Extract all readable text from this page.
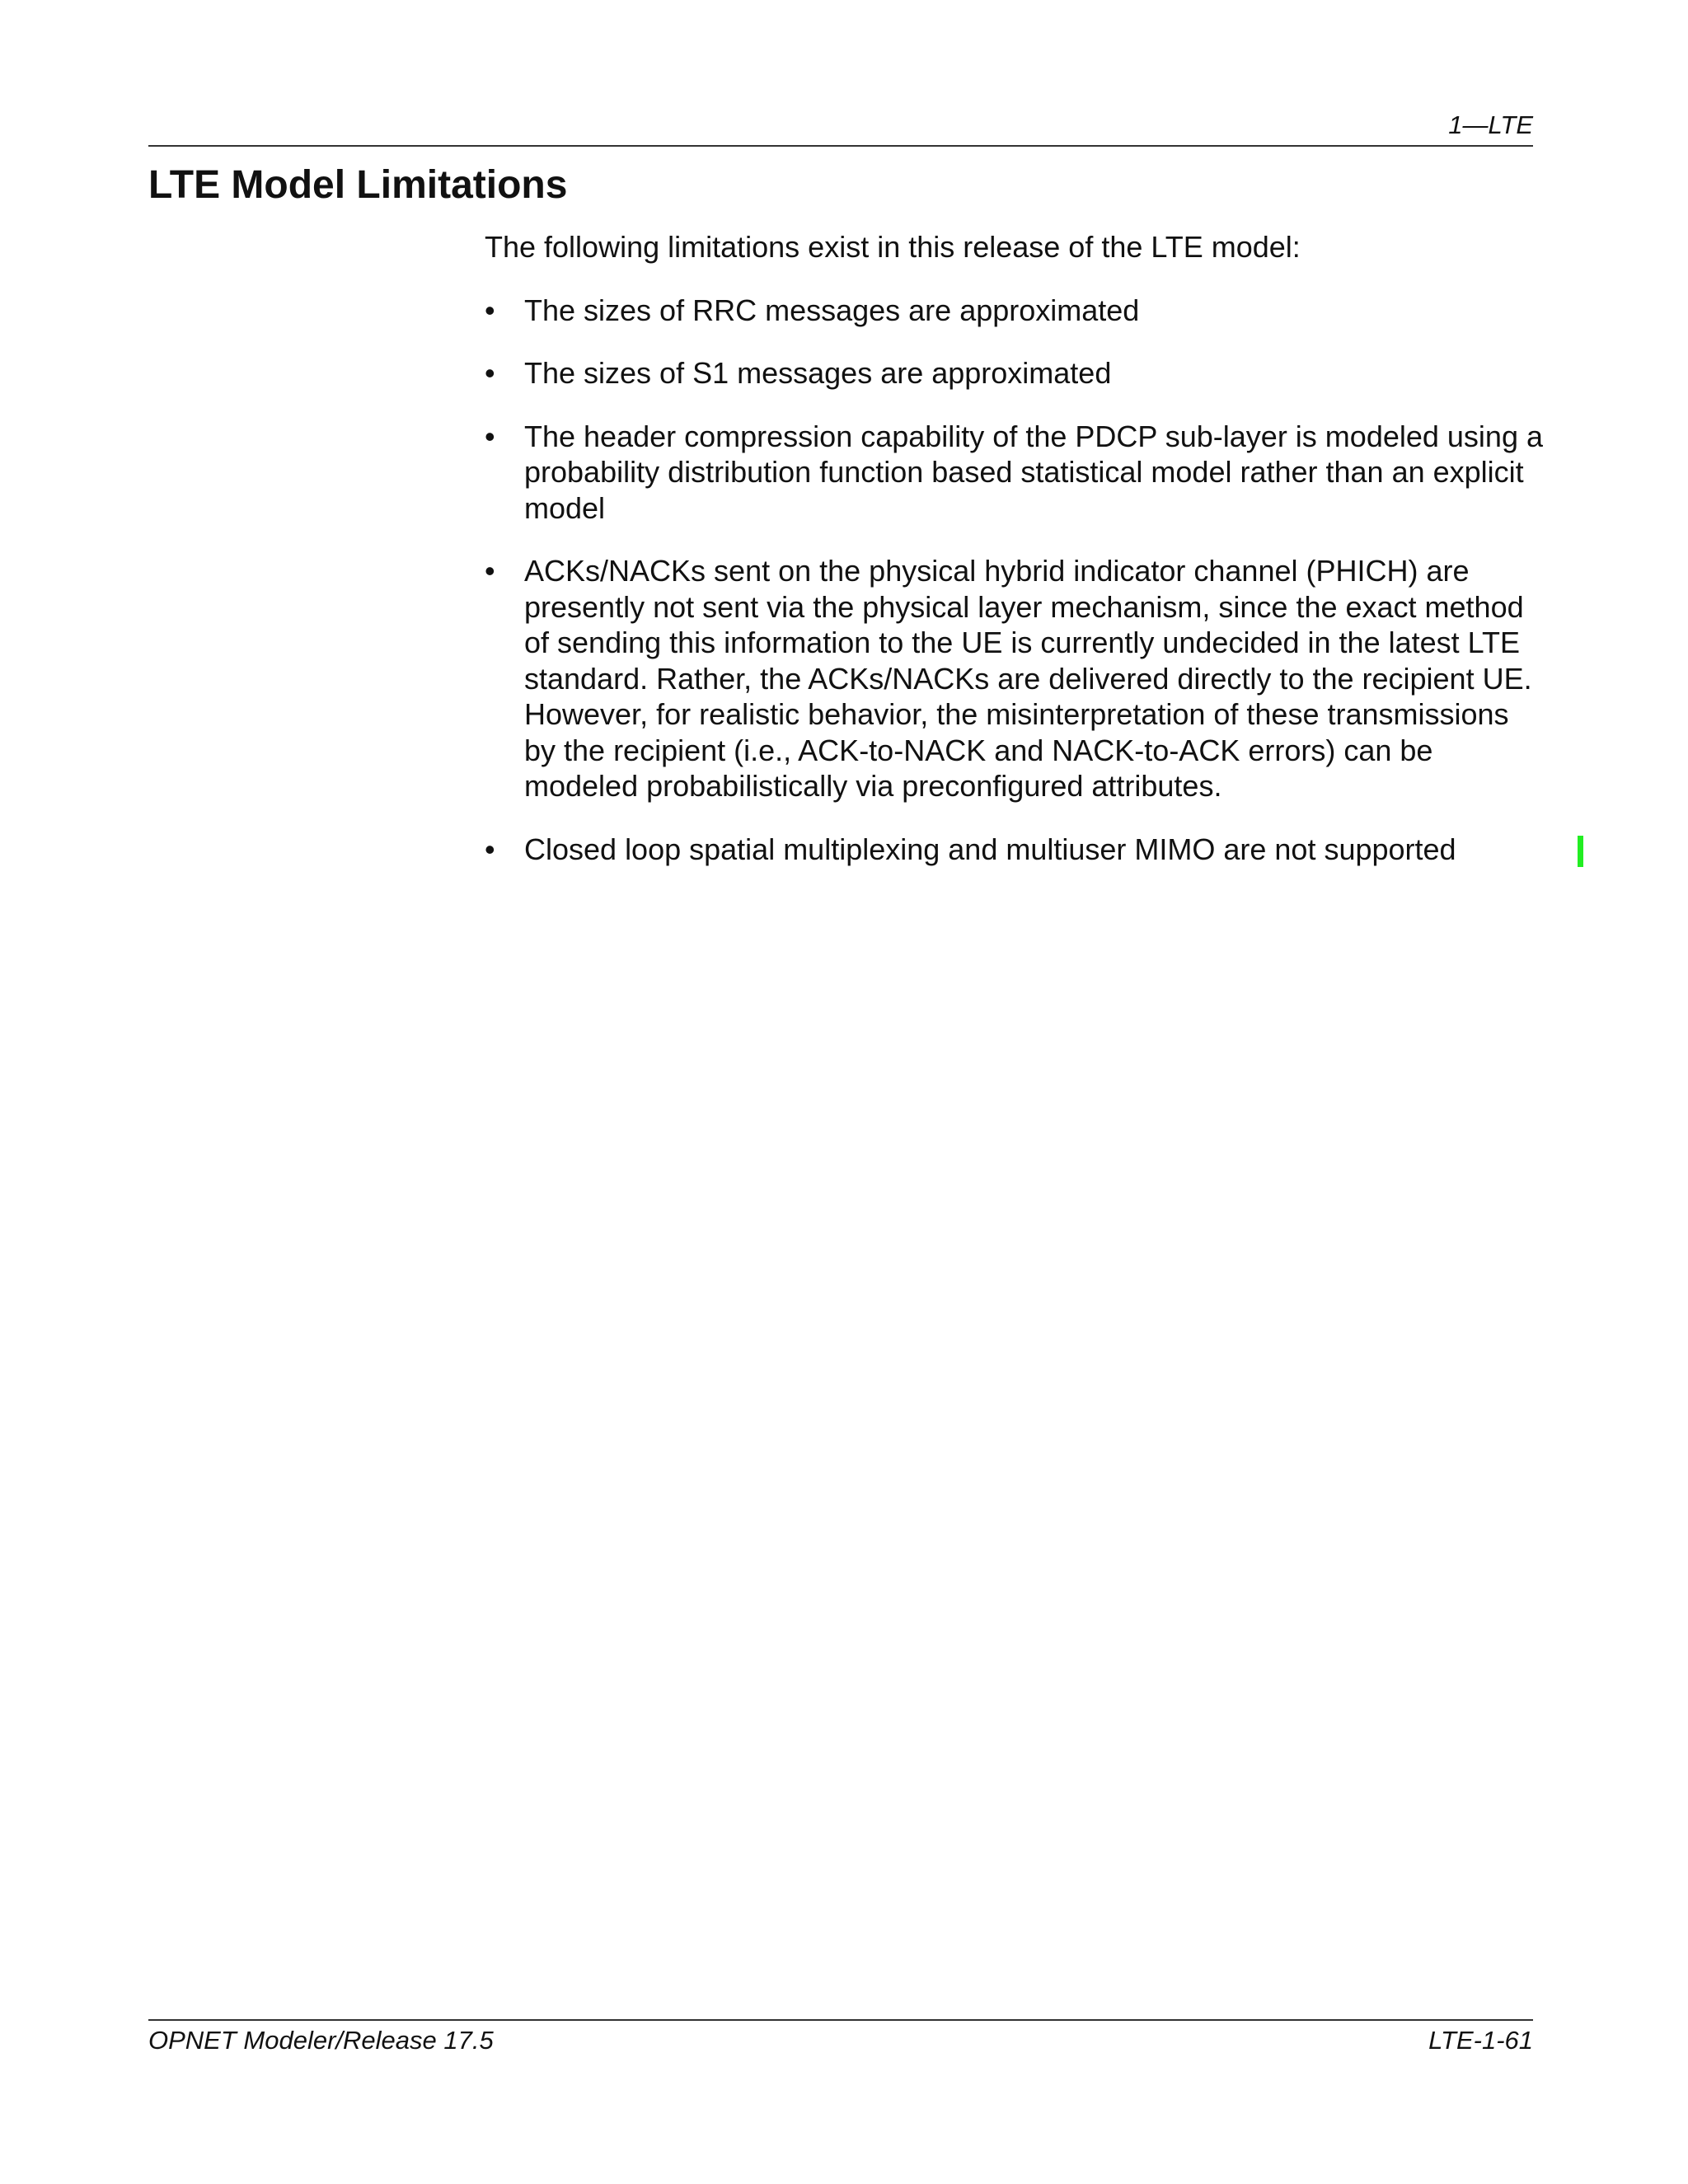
1—LTE
LTE Model Limitations

The following limitations exist in this release of the LTE model:

• The sizes of RRC messages are approximated
• The sizes of S1 messages are approximated
• The header compression capability of the PDCP sub-layer is modeled using a probability distribution function based statistical model rather than an explicit model
• ACKs/NACKs sent on the physical hybrid indicator channel (PHICH) are presently not sent via the physical layer mechanism, since the exact method of sending this information to the UE is currently undecided in the latest LTE standard. Rather, the ACKs/NACKs are delivered directly to the recipient UE. However, for realistic behavior, the misinterpretation of these transmissions by the recipient (i.e., ACK-to-NACK and NACK-to-ACK errors) can be modeled probabilistically via preconfigured attributes.
• Closed loop spatial multiplexing and multiuser MIMO are not supported
OPNET Modeler/Release 17.5	LTE-1-61
